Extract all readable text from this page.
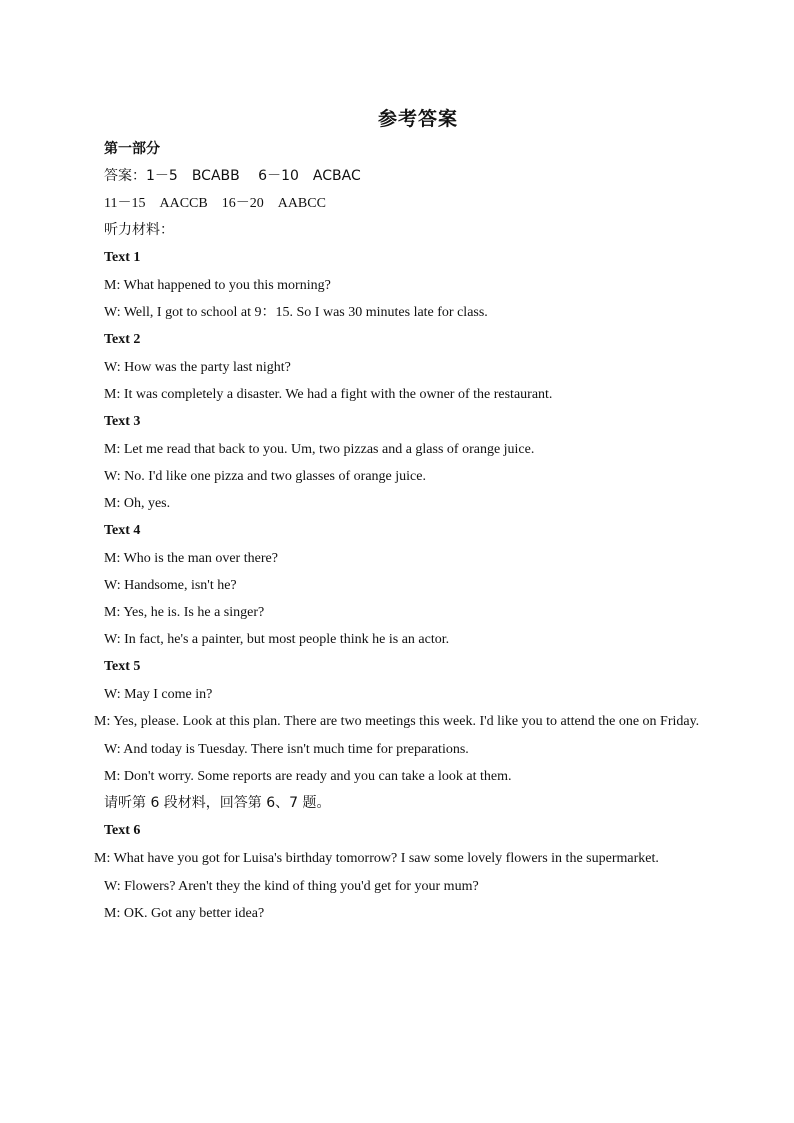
参考答案
第一部分
答案：1－5　BCABB　 6－10　ACBAC
11－15　AACCB　16－20　AABCC
听力材料：
Text 1
M: What happened to you this morning?
W: Well, I got to school at 9：15. So I was 30 minutes late for class.
Text 2
W: How was the party last night?
M: It was completely a disaster. We had a fight with the owner of the restaurant.
Text 3
M: Let me read that back to you. Um, two pizzas and a glass of orange juice.
W: No. I'd like one pizza and two glasses of orange juice.
M: Oh, yes.
Text 4
M: Who is the man over there?
W: Handsome, isn't he?
M: Yes, he is. Is he a singer?
W: In fact, he's a painter, but most people think he is an actor.
Text 5
W: May I come in?
M: Yes, please. Look at this plan. There are two meetings this week. I'd like you to attend the one on Friday.
W: And today is Tuesday. There isn't much time for preparations.
M: Don't worry. Some reports are ready and you can take a look at them.
请听第 6 段材料，回答第 6、7 题。
Text 6
M: What have you got for Luisa's birthday tomorrow? I saw some lovely flowers in the supermarket.
W: Flowers? Aren't they the kind of thing you'd get for your mum?
M: OK. Got any better idea?
